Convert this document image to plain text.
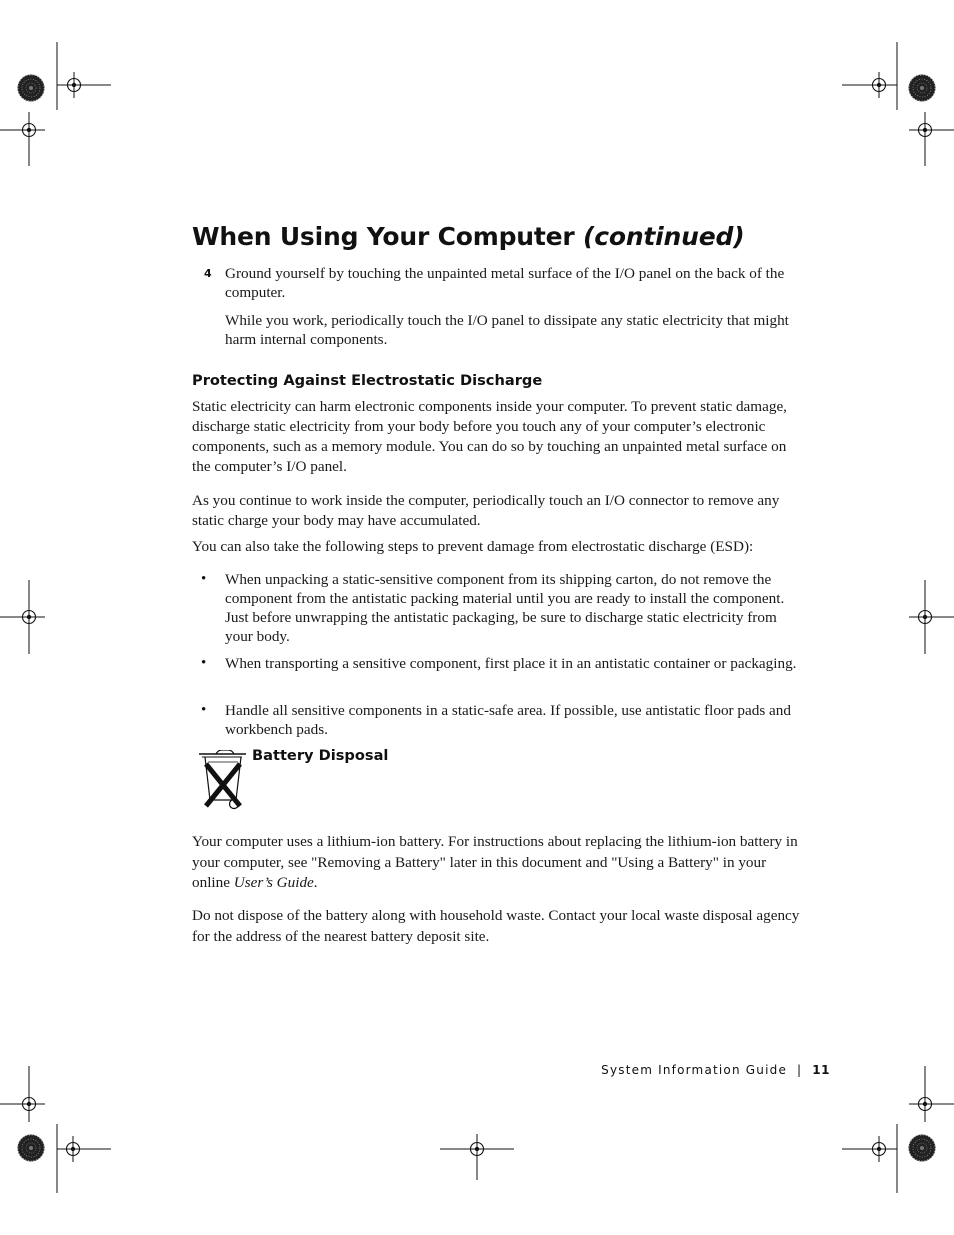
When Using Your Computer (continued)
4 Ground yourself by touching the unpainted metal surface of the I/O panel on the back of the computer.

While you work, periodically touch the I/O panel to dissipate any static electricity that might harm internal components.

Protecting Against Electrostatic Discharge

Static electricity can harm electronic components inside your computer. To prevent static damage, discharge static electricity from your body before you touch any of your computer’s electronic components, such as a memory module. You can do so by touching an unpainted metal surface on the computer’s I/O panel.

As you continue to work inside the computer, periodically touch an I/O connector to remove any static charge your body may have accumulated.

You can also take the following steps to prevent damage from electrostatic discharge (ESD):

• When unpacking a static-sensitive component from its shipping carton, do not remove the component from the antistatic packing material until you are ready to install the component. Just before unwrapping the antistatic packaging, be sure to discharge static electricity from your body.

• When transporting a sensitive component, first place it in an antistatic container or packaging.

• Handle all sensitive components in a static-safe area. If possible, use antistatic floor pads and workbench pads.

Battery Disposal

Your computer uses a lithium-ion battery. For instructions about replacing the lithium-ion battery in your computer, see "Removing a Battery" later in this document and "Using a Battery" in your online User’s Guide.

Do not dispose of the battery along with household waste. Contact your local waste disposal agency for the address of the nearest battery deposit site.

System Information Guide | 11
